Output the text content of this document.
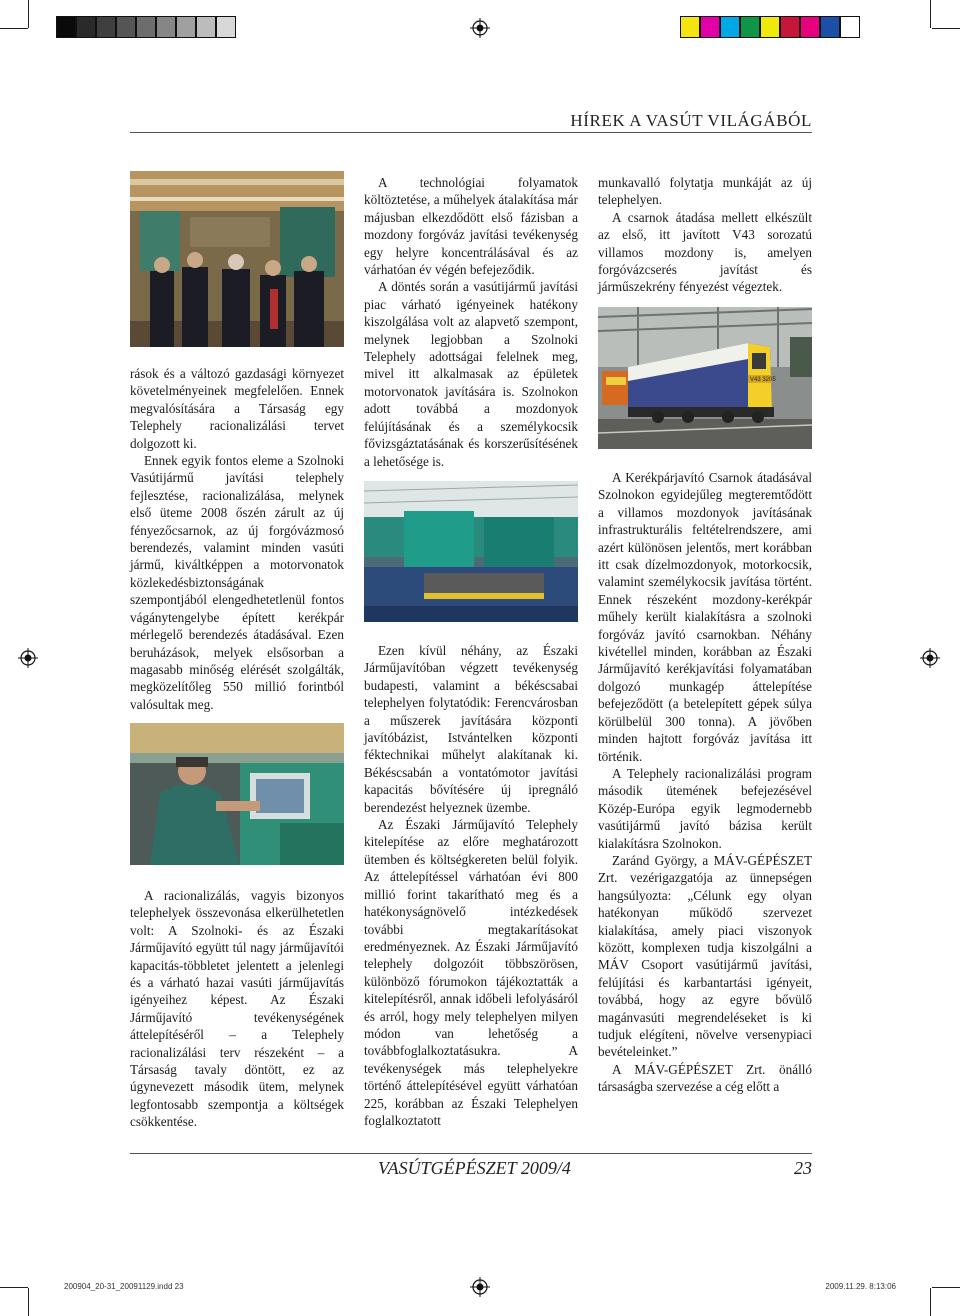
HÍREK A VASÚT VILÁGÁBÓL

rások és a változó gazdasági környezet követelményeinek megfelelően. Ennek megvalósítására a Társaság egy Telephely racionalizálási tervet dolgozott ki.

Ennek egyik fontos eleme a Szolnoki Vasútijármű javítási telephely fejlesztése, racionalizálása, melynek első üteme 2008 őszén zárult az új fényezőcsarnok, az új forgóvázmosó berendezés, valamint minden vasúti jármű, kiváltképpen a motorvonatok közlekedésbiztonságának szempontjából elengedhetetlenül fontos vágánytengelybe épített kerékpár mérlegelő berendezés átadásával. Ezen beruházások, melyek elsősorban a magasabb minőség elérését szolgálták, megközelítőleg 550 millió forintból valósultak meg.

A racionalizálás, vagyis bizonyos telephelyek összevonása elkerülhetetlen volt: A Szolnoki- és az Északi Járműjavító együtt túl nagy járműjavítói kapacitás-többletet jelentett a jelenlegi és a várható hazai vasúti járműjavítás igényeihez képest. Az Északi Járműjavító tevékenységének áttelepítéséről – a Telephely racionalizálási terv részeként – a Társaság tavaly döntött, ez az úgynevezett második ütem, melynek legfontosabb szempontja a költségek csökkentése.

A technológiai folyamatok költöztetése, a műhelyek átalakítása már májusban elkezdődött első fázisban a mozdony forgóváz javítási tevékenység egy helyre koncentrálásával és az várhatóan év végén befejeződik.

A döntés során a vasútijármű javítási piac várható igényeinek hatékony kiszolgálása volt az alapvető szempont, melynek legjobban a Szolnoki Telephely adottságai felelnek meg, mivel itt alkalmasak az épületek motorvonatok javítására is. Szolnokon adott továbbá a mozdonyok felújításának és a személykocsik fővizsgáztatásának és korszerűsítésének a lehetősége is.

Ezen kívül néhány, az Északi Járműjavítóban végzett tevékenység budapesti, valamint a békéscsabai telephelyen folytatódik: Ferencvárosban a műszerek javítására központi javítóbázist, Istvántelken központi féktechnikai műhelyt alakítanak ki. Békéscsabán a vontatómotor javítási kapacitás bővítésére új ipregnáló berendezést helyeznek üzembe.

Az Északi Járműjavító Telephely kitelepítése az előre meghatározott ütemben és költségkereten belül folyik. Az áttelepítéssel várhatóan évi 800 millió forint takarítható meg és a hatékonyságnövelő intézkedések további megtakarításokat eredményeznek. Az Északi Járműjavító telephely dolgozóit többszörösen, különböző fórumokon tájékoztatták a kitelepítésről, annak időbeli lefolyásáról és arról, hogy mely telephelyen milyen módon van lehetőség a továbbfoglalkoztatásukra. A tevékenységek más telephelyekre történő áttelepítésével együtt várhatóan 225, korábban az Északi Telephelyen foglalkoztatott

munkavalló folytatja munkáját az új telephelyen.

A csarnok átadása mellett elkészült az első, itt javított V43 sorozatú villamos mozdony is, amelyen forgóvázcserés javítást és járműszekrény fényezést végeztek.

V43 3205

A Kerékpárjavító Csarnok átadásával Szolnokon egyidejűleg megteremtődött a villamos mozdonyok javításának infrastrukturális feltételrendszere, ami azért különösen jelentős, mert korábban itt csak dízelmozdonyok, motorkocsik, valamint személykocsik javítása történt. Ennek részeként mozdony-kerékpár műhely került kialakításra a szolnoki forgóváz javító csarnokban. Néhány kivétellel minden, korábban az Északi Járműjavító kerékjavítási folyamatában dolgozó munkagép áttelepítése befejeződött (a betelepített gépek súlya körülbelül 300 tonna). A jövőben minden hajtott forgóváz javítása itt történik.

A Telephely racionalizálási program második ütemének befejezésével Közép-Európa egyik legmodernebb vasútijármű javító bázisa került kialakításra Szolnokon.

Zaránd György, a MÁV-GÉPÉSZET Zrt. vezérigazgatója az ünnepségen hangsúlyozta: „Célunk egy olyan hatékonyan működő szervezet kialakítása, amely piaci viszonyok között, komplexen tudja kiszolgálni a MÁV Csoport vasútijármű javítási, felújítási és karbantartási igényeit, továbbá, hogy az egyre bővülő magánvasúti megrendeléseket is ki tudjuk elégíteni, növelve versenypiaci bevételeinket.”

A MÁV-GÉPÉSZET Zrt. önálló társaságba szervezése a cég előtt a

VASÚTGÉPÉSZET 2009/4	23
200904_20-31_20091129.indd 23	2009.11.29. 8:13:06
